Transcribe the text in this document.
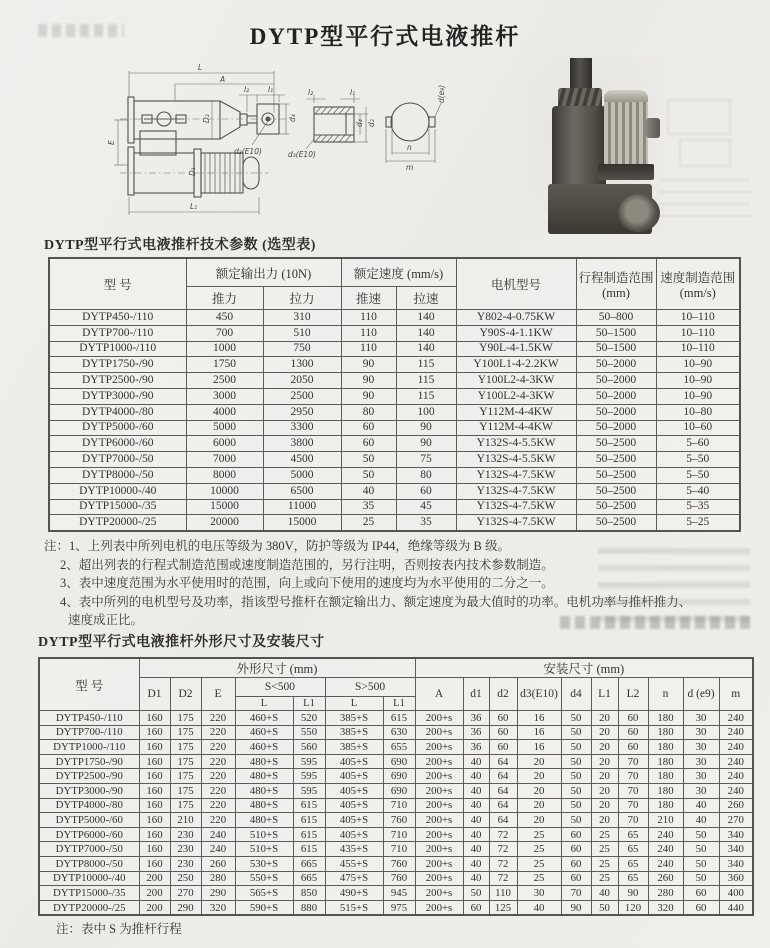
DYTP型平行式电液推杆
L
A
l₂	l₁
D₂	d₄
d₃(E10)
E
D₁
L₁
l₂	l₁
d₃(E10)
d₄ d₂
n
m
d(e₉)
DYTP型平行式电液推杆技术参数 (选型表)
型 号	额定输出力 (10N)	额定速度 (mm/s)	电机型号	
行程制造范围
(mm)

速度制造范围
(mm/s)

	推力	拉力	推速	拉速			
DYTP450-/110	450	310	110	140	Y802-4-0.75KW	50–800	10–110
DYTP700-/110	700	510	110	140	Y90S-4-1.1KW	50–1500	10–110
DYTP1000-/110	1000	750	110	140	Y90L-4-1.5KW	50–1500	10–110
DYTP1750-/90	1750	1300	90	115	Y100L1-4-2.2KW	50–2000	10–90
DYTP2500-/90	2500	2050	90	115	Y100L2-4-3KW	50–2000	10–90
DYTP3000-/90	3000	2500	90	115	Y100L2-4-3KW	50–2000	10–90
DYTP4000-/80	4000	2950	80	100	Y112M-4-4KW	50–2000	10–80
DYTP5000-/60	5000	3300	60	90	Y112M-4-4KW	50–2000	10–60
DYTP6000-/60	6000	3800	60	90	Y132S-4-5.5KW	50–2500	5–60
DYTP7000-/50	7000	4500	50	75	Y132S-4-5.5KW	50–2500	5–50
DYTP8000-/50	8000	5000	50	80	Y132S-4-7.5KW	50–2500	5–50
DYTP10000-/40	10000	6500	40	60	Y132S-4-7.5KW	50–2500	5–40
DYTP15000-/35	15000	11000	35	45	Y132S-4-7.5KW	50–2500	5–35
DYTP20000-/25	20000	15000	25	35	Y132S-4-7.5KW	50–2500	5–25
注：1、上列表中所列电机的电压等级为 380V，防护等级为 IP44，绝缘等级为 B 级。
2、超出列表的行程式制造范围或速度制造范围的，另行注明，否则按表内技术参数制造。
3、表中速度范围为水平使用时的范围，向上或向下使用的速度均为水平使用的二分之一。
4、表中所列的电机型号及功率，指该型号推杆在额定输出力、额定速度为最大值时的功率。电机功率与推杆推力、
速度成正比。
DYTP型平行式电液推杆外形尺寸及安装尺寸
型 号	外形尺寸 (mm)							安装尺寸 (mm)									
	D1	D2	E	S<500		S>500		A	d1	d2	d3(E10)	d4	L1	L2	n	d (e9)	m
				L	L1	L	L1										
DYTP450-/110	160	175	220	460+S	520	385+S	615	200+s	36	60	16	50	20	60	180	30	240
DYTP700-/110	160	175	220	460+S	550	385+S	630	200+s	36	60	16	50	20	60	180	30	240
DYTP1000-/110	160	175	220	460+S	560	385+S	655	200+s	36	60	16	50	20	60	180	30	240
DYTP1750-/90	160	175	220	480+S	595	405+S	690	200+s	40	64	20	50	20	70	180	30	240
DYTP2500-/90	160	175	220	480+S	595	405+S	690	200+s	40	64	20	50	20	70	180	30	240
DYTP3000-/90	160	175	220	480+S	595	405+S	690	200+s	40	64	20	50	20	70	180	30	240
DYTP4000-/80	160	175	220	480+S	615	405+S	710	200+s	40	64	20	50	20	70	180	40	260
DYTP5000-/60	160	210	220	480+S	615	405+S	760	200+s	40	64	20	50	20	70	210	40	270
DYTP6000-/60	160	230	240	510+S	615	405+S	710	200+s	40	72	25	60	25	65	240	50	340
DYTP7000-/50	160	230	240	510+S	615	435+S	710	200+s	40	72	25	60	25	65	240	50	340
DYTP8000-/50	160	230	260	530+S	665	455+S	760	200+s	40	72	25	60	25	65	240	50	340
DYTP10000-/40	200	250	280	550+S	665	475+S	760	200+s	40	72	25	60	25	65	260	50	360
DYTP15000-/35	200	270	290	565+S	850	490+S	945	200+s	50	110	30	70	40	90	280	60	400
DYTP20000-/25	200	290	320	590+S	880	515+S	975	200+s	60	125	40	90	50	120	320	60	440
注：表中 S 为推杆行程
